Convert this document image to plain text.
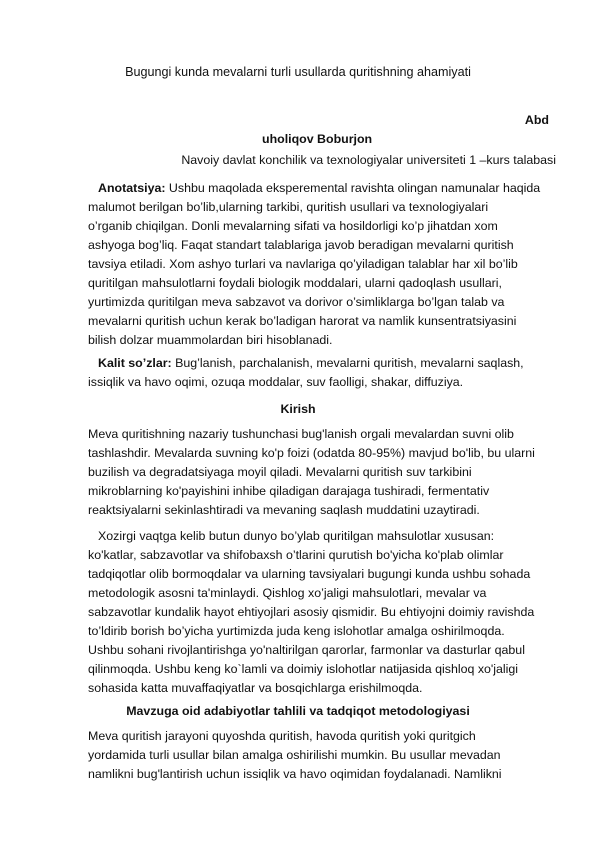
Bugungi kunda mevalarni turli usullarda quritishning ahamiyati
Abd
uholiqov Boburjon
Navoiy davlat konchilik va texnologiyalar universiteti 1 –kurs talabasi
Anotatsiya: Ushbu maqolada eksperemental ravishta olingan namunalar haqida
malumot berilgan bo’lib,ularning tarkibi, quritish usullari va texnologiyalari
o’rganib chiqilgan. Donli mevalarning sifati va hosildorligi ko’p jihatdan xom
ashyoga bog’liq. Faqat standart talablariga javob beradigan mevalarni quritish
tavsiya etiladi. Xom ashyo turlari va navlariga qo’yiladigan talablar har xil bo’lib
quritilgan mahsulotlarni foydali biologik moddalari, ularni qadoqlash usullari,
yurtimizda quritilgan meva sabzavot va dorivor o’simliklarga bo’lgan talab va
mevalarni quritish uchun kerak bo’ladigan harorat va namlik kunsentratsiyasini
bilish dolzar muammolardan biri hisoblanadi.
Kalit so’zlar: Bug’lanish, parchalanish, mevalarni quritish, mevalarni saqlash,
issiqlik va havo oqimi, ozuqa moddalar, suv faolligi, shakar, diffuziya.
Kirish
Meva quritishning nazariy tushunchasi bug'lanish orgali mevalardan suvni olib
tashlashdir. Mevalarda suvning ko'p foizi (odatda 80-95%) mavjud bo'lib, bu ularni
buzilish va degradatsiyaga moyil qiladi. Mevalarni quritish suv tarkibini
mikroblarning ko'payishini inhibe qiladigan darajaga tushiradi, fermentativ
reaktsiyalarni sekinlashtiradi va mevaning saqlash muddatini uzaytiradi.
Xozirgi vaqtga kelib butun dunyo bo’ylab quritilgan mahsulotlar xususan:
ko'katlar, sabzavotlar va shifobaxsh o’tlarini qurutish bo'yicha ko'plab olimlar
tadqiqotlar olib bormoqdalar va ularning tavsiyalari bugungi kunda ushbu sohada
metodologik asosni ta'minlaydi. Qishlog xo’jaligi mahsulotlari, mevalar va
sabzavotlar kundalik hayot ehtiyojlari asosiy qismidir. Bu ehtiyojni doimiy ravishda
to’ldirib borish bo’yicha yurtimizda juda keng islohotlar amalga oshirilmoqda.
Ushbu sohani rivojlantirishga yo'naltirilgan qarorlar, farmonlar va dasturlar qabul
qilinmoqda. Ushbu keng ko`lamli va doimiy islohotlar natijasida qishloq xo'jaligi
sohasida katta muvaffaqiyatlar va bosqichlarga erishilmoqda.
Mavzuga oid adabiyotlar tahlili va tadqiqot metodologiyasi
Meva quritish jarayoni quyoshda quritish, havoda quritish yoki quritgich
yordamida turli usullar bilan amalga oshirilishi mumkin. Bu usullar mevadan
namlikni bug'lantirish uchun issiqlik va havo oqimidan foydalanadi. Namlikni
